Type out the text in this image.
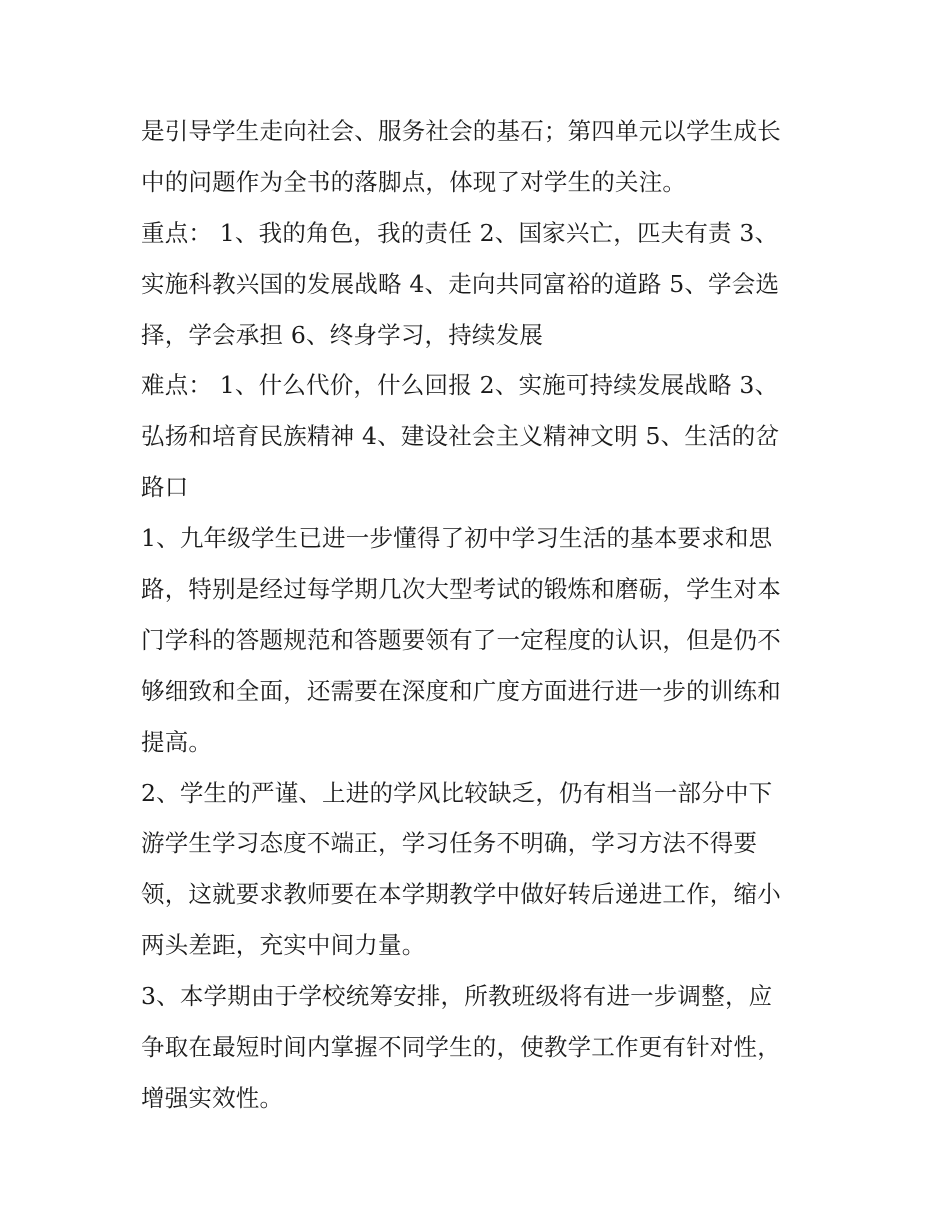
是引导学生走向社会、服务社会的基石；第四单元以学生成长
中的问题作为全书的落脚点，体现了对学生的关注。
重点： 1、我的角色，我的责任 2、国家兴亡，匹夫有责 3、
实施科教兴国的发展战略 4、走向共同富裕的道路 5、学会选
择，学会承担 6、终身学习，持续发展
难点： 1、什么代价，什么回报 2、实施可持续发展战略 3、
弘扬和培育民族精神 4、建设社会主义精神文明 5、生活的岔
路口
1、九年级学生已进一步懂得了初中学习生活的基本要求和思
路，特别是经过每学期几次大型考试的锻炼和磨砺，学生对本
门学科的答题规范和答题要领有了一定程度的认识，但是仍不
够细致和全面，还需要在深度和广度方面进行进一步的训练和
提高。
2、学生的严谨、上进的学风比较缺乏，仍有相当一部分中下
游学生学习态度不端正，学习任务不明确，学习方法不得要
领，这就要求教师要在本学期教学中做好转后递进工作，缩小
两头差距，充实中间力量。
3、本学期由于学校统筹安排，所教班级将有进一步调整，应
争取在最短时间内掌握不同学生的，使教学工作更有针对性，
增强实效性。
